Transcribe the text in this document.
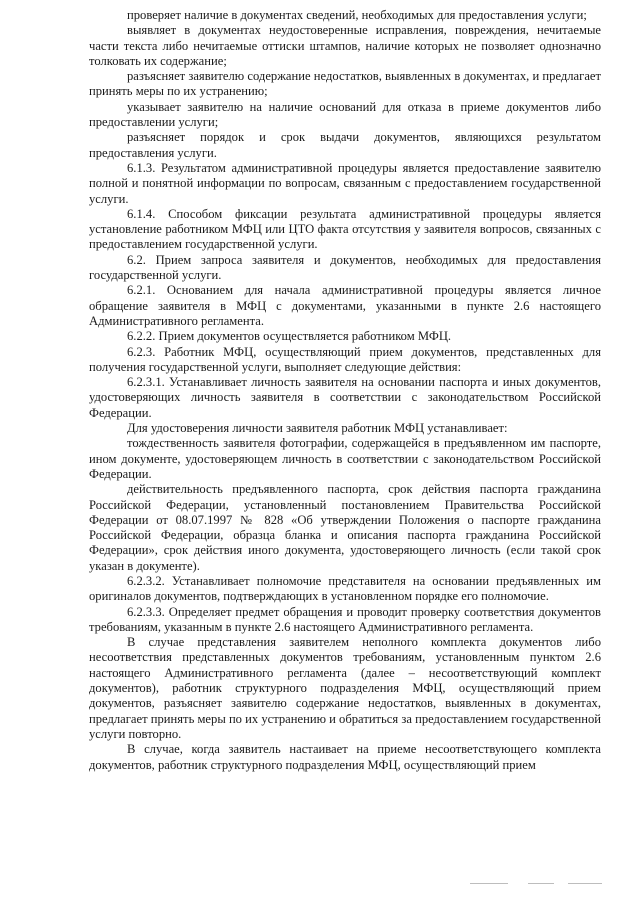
проверяет наличие в документах сведений, необходимых для предоставления услуги;

выявляет в документах неудостоверенные исправления, повреждения, нечитаемые части текста либо нечитаемые оттиски штампов, наличие которых не позволяет однозначно толковать их содержание;

разъясняет заявителю содержание недостатков, выявленных в документах, и предлагает принять меры по их устранению;

указывает заявителю на наличие оснований для отказа в приеме документов либо предоставлении услуги;

разъясняет порядок и срок выдачи документов, являющихся результатом предоставления услуги.

6.1.3. Результатом административной процедуры является предоставление заявителю полной и понятной информации по вопросам, связанным с предоставлением государственной услуги.

6.1.4. Способом фиксации результата административной процедуры является установление работником МФЦ или ЦТО факта отсутствия у заявителя вопросов, связанных с предоставлением государственной услуги.

6.2. Прием запроса заявителя и документов, необходимых для предоставления государственной услуги.

6.2.1. Основанием для начала административной процедуры является личное обращение заявителя в МФЦ с документами, указанными в пункте 2.6 настоящего Административного регламента.

6.2.2. Прием документов осуществляется работником МФЦ.

6.2.3. Работник МФЦ, осуществляющий прием документов, представленных для получения государственной услуги, выполняет следующие действия:

6.2.3.1. Устанавливает личность заявителя на основании паспорта и иных документов, удостоверяющих личность заявителя в соответствии с законодательством Российской Федерации.

Для удостоверения личности заявителя работник МФЦ устанавливает:

тождественность заявителя фотографии, содержащейся в предъявленном им паспорте, ином документе, удостоверяющем личность в соответствии с законодательством Российской Федерации.

действительность предъявленного паспорта, срок действия паспорта гражданина Российской Федерации, установленный постановлением Правительства Российской Федерации от 08.07.1997 № 828 «Об утверждении Положения о паспорте гражданина Российской Федерации, образца бланка и описания паспорта гражданина Российской Федерации», срок действия иного документа, удостоверяющего личность (если такой срок указан в документе).

6.2.3.2. Устанавливает полномочие представителя на основании предъявленных им оригиналов документов, подтверждающих в установленном порядке его полномочие.

6.2.3.3. Определяет предмет обращения и проводит проверку соответствия документов требованиям, указанным в пункте 2.6 настоящего Административного регламента.

В случае представления заявителем неполного комплекта документов либо несоответствия представленных документов требованиям, установленным пунктом 2.6 настоящего Административного регламента (далее – несоответствующий комплект документов), работник структурного подразделения МФЦ, осуществляющий прием документов, разъясняет заявителю содержание недостатков, выявленных в документах, предлагает принять меры по их устранению и обратиться за предоставлением государственной услуги повторно.

В случае, когда заявитель настаивает на приеме несоответствующего комплекта документов, работник структурного подразделения МФЦ, осуществляющий прием
